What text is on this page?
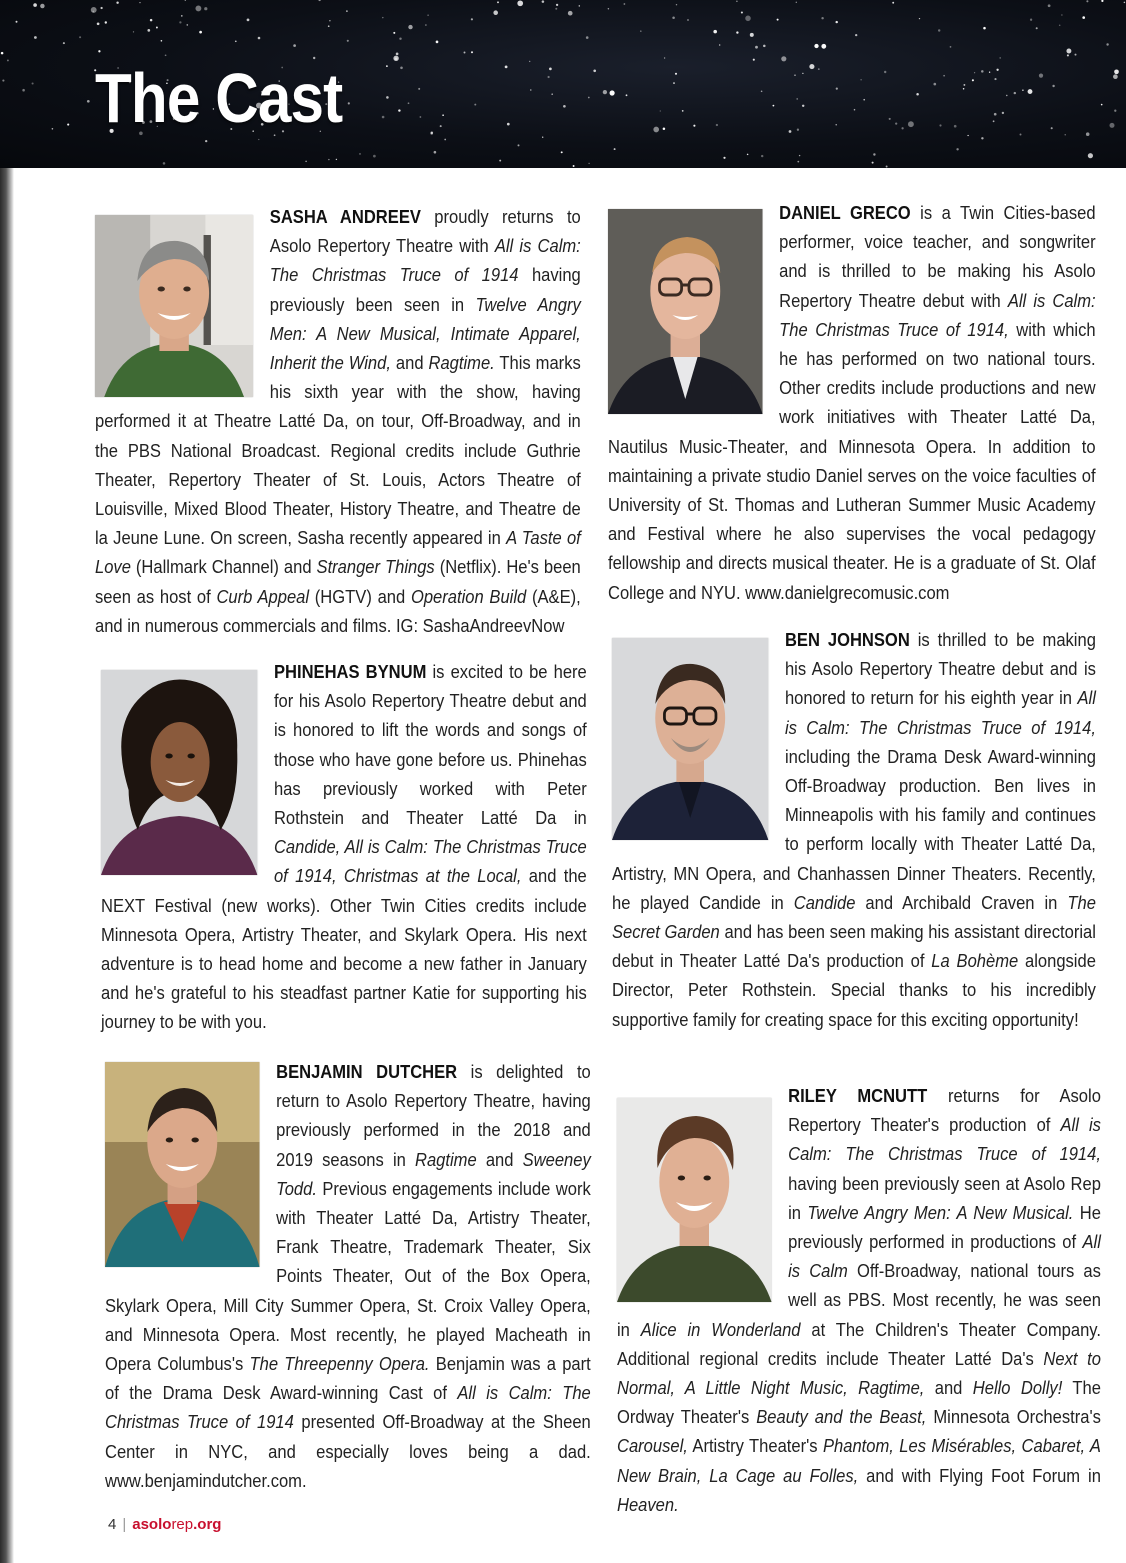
The Cast
SASHA ANDREEV proudly returns to Asolo Repertory Theatre with All is Calm: The Christmas Truce of 1914 having previously been seen in Twelve Angry Men: A New Musical, Intimate Apparel, Inherit the Wind, and Ragtime. This marks his sixth year with the show, having performed it at Theatre Latté Da, on tour, Off-Broadway, and in the PBS National Broadcast. Regional credits include Guthrie Theater, Repertory Theater of St. Louis, Actors Theatre of Louisville, Mixed Blood Theater, History Theatre, and Theatre de la Jeune Lune. On screen, Sasha recently appeared in A Taste of Love (Hallmark Channel) and Stranger Things (Netflix). He's been seen as host of Curb Appeal (HGTV) and Operation Build (A&E), and in numerous commercials and films. IG: SashaAndreevNow
PHINEHAS BYNUM is excited to be here for his Asolo Repertory Theatre debut and is honored to lift the words and songs of those who have gone before us. Phinehas has previously worked with Peter Rothstein and Theater Latté Da in Candide, All is Calm: The Christmas Truce of 1914, Christmas at the Local, and the NEXT Festival (new works). Other Twin Cities credits include Minnesota Opera, Artistry Theater, and Skylark Opera. His next adventure is to head home and become a new father in January and he's grateful to his steadfast partner Katie for supporting his journey to be with you.
BENJAMIN DUTCHER is delighted to return to Asolo Repertory Theatre, having previously performed in the 2018 and 2019 seasons in Ragtime and Sweeney Todd. Previous engagements include work with Theater Latté Da, Artistry Theater, Frank Theatre, Trademark Theater, Six Points Theater, Out of the Box Opera, Skylark Opera, Mill City Summer Opera, St. Croix Valley Opera, and Minnesota Opera. Most recently, he played Macheath in Opera Columbus's The Threepenny Opera. Benjamin was a part of the Drama Desk Award-winning Cast of All is Calm: The Christmas Truce of 1914 presented Off-Broadway at the Sheen Center in NYC, and especially loves being a dad. www.benjamindutcher.com.
DANIEL GRECO is a Twin Cities-based performer, voice teacher, and songwriter and is thrilled to be making his Asolo Repertory Theatre debut with All is Calm: The Christmas Truce of 1914, with which he has performed on two national tours. Other credits include productions and new work initiatives with Theater Latté Da, Nautilus Music-Theater, and Minnesota Opera. In addition to maintaining a private studio Daniel serves on the voice faculties of University of St. Thomas and Lutheran Summer Music Academy and Festival where he also supervises the vocal pedagogy fellowship and directs musical theater. He is a graduate of St. Olaf College and NYU. www.danielgrecomusic.com
BEN JOHNSON is thrilled to be making his Asolo Repertory Theatre debut and is honored to return for his eighth year in All is Calm: The Christmas Truce of 1914, including the Drama Desk Award-winning Off-Broadway production. Ben lives in Minneapolis with his family and continues to perform locally with Theater Latté Da, Artistry, MN Opera, and Chanhassen Dinner Theaters. Recently, he played Candide in Candide and Archibald Craven in The Secret Garden and has been seen making his assistant directorial debut in Theater Latté Da's production of La Bohème alongside Director, Peter Rothstein. Special thanks to his incredibly supportive family for creating space for this exciting opportunity!
RILEY MCNUTT returns for Asolo Repertory Theater's production of All is Calm: The Christmas Truce of 1914, having been previously seen at Asolo Rep in Twelve Angry Men: A New Musical. He previously performed in productions of All is Calm Off-Broadway, national tours as well as PBS. Most recently, he was seen in Alice in Wonderland at The Children's Theater Company. Additional regional credits include Theater Latté Da's Next to Normal, A Little Night Music, Ragtime, and Hello Dolly! The Ordway Theater's Beauty and the Beast, Minnesota Orchestra's Carousel, Artistry Theater's Phantom, Les Misérables, Cabaret, A New Brain, La Cage au Folles, and with Flying Foot Forum in Heaven.
4 | asolorep.org
